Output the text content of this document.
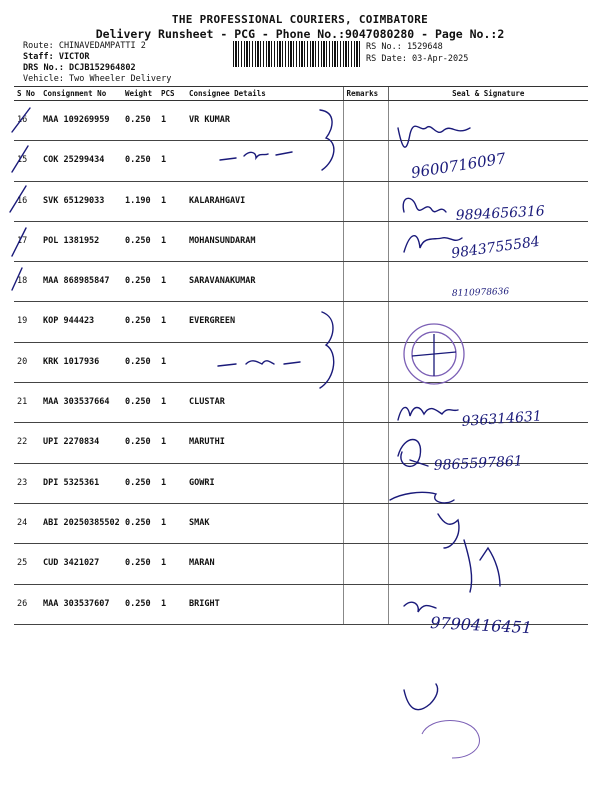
THE PROFESSIONAL COURIERS, COIMBATORE
Delivery Runsheet - PCG - Phone No.:9047080280 - Page No.:2
Route: CHINAVEDAMPATTI 2
Staff: VICTOR
DRS No.: DCJB152964802
Vehicle: Two Wheeler Delivery
RS No.: 1529648
RS Date: 03-Apr-2025
S No	Consignment No	Weight	PCS	Consignee Details	Remarks	Seal & Signature
16	MAA 109269959	0.250	1	VR KUMAR		
15	COK 25299434	0.250	1			
16	SVK 65129033	1.190	1	KALARAHGAVI		
17	POL 1381952	0.250	1	MOHANSUNDARAM		
18	MAA 868985847	0.250	1	SARAVANAKUMAR		
19	KOP 944423	0.250	1	EVERGREEN		
20	KRK 1017936	0.250	1			
21	MAA 303537664	0.250	1	CLUSTAR		
22	UPI 2270834	0.250	1	MARUTHI		
23	DPI 5325361	0.250	1	GOWRI		
24	ABI 20250385502	0.250	1	SMAK		
25	CUD 3421027	0.250	1	MARAN		
26	MAA 303537607	0.250	1	BRIGHT		
9600716097
9894656316
9843755584
8110978636
936314631
9865597861
9790416451
